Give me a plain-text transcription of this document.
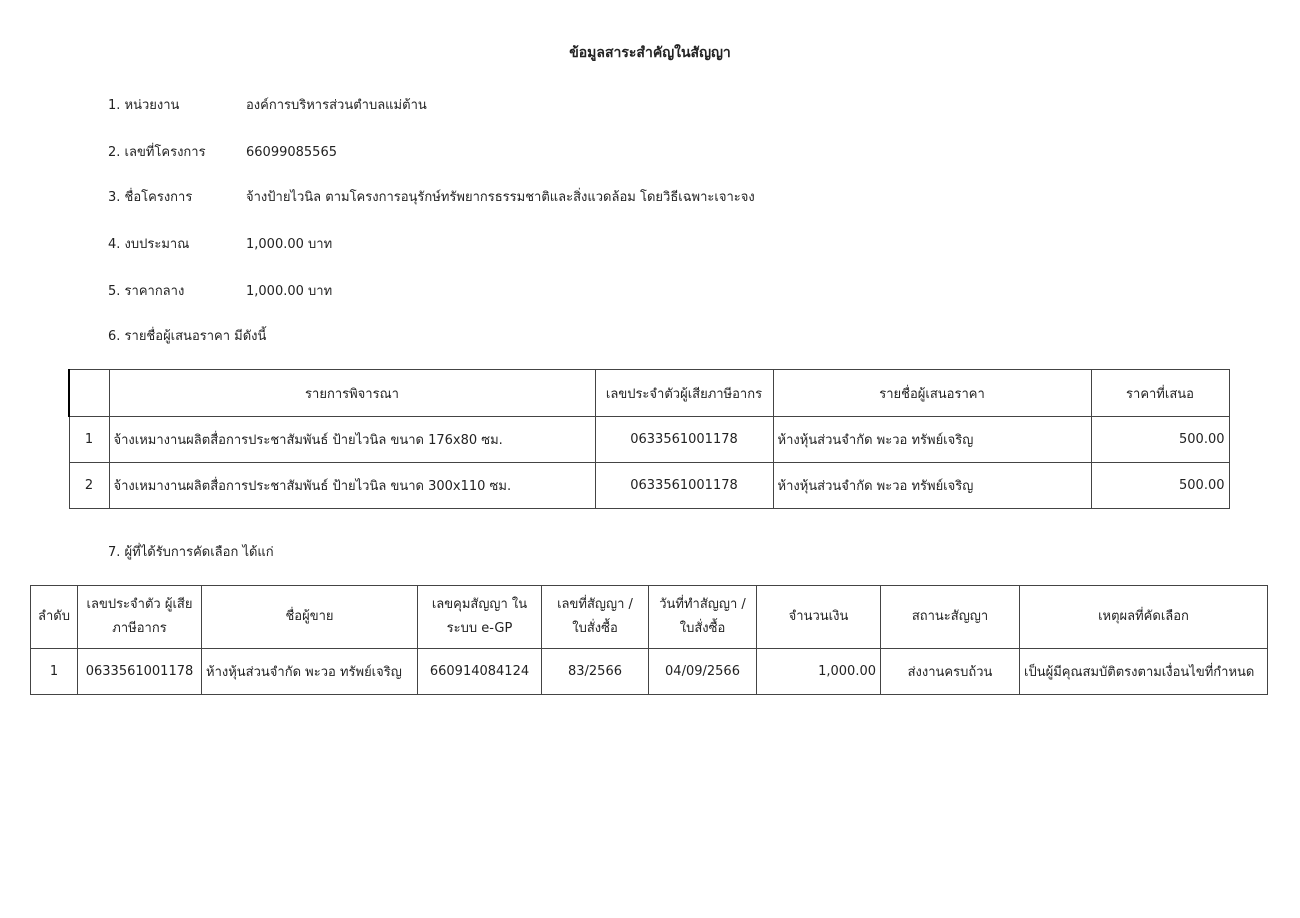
ข้อมูลสาระสำคัญในสัญญา
1. หน่วยงาน	องค์การบริหารส่วนตำบลแม่ต้าน
2. เลขที่โครงการ	66099085565
3. ชื่อโครงการ	จ้างป้ายไวนิล ตามโครงการอนุรักษ์ทรัพยากรธรรมชาติและสิ่งแวดล้อม โดยวิธีเฉพาะเจาะจง
4. งบประมาณ	1,000.00 บาท
5. ราคากลาง	1,000.00 บาท
6. รายชื่อผู้เสนอราคา มีดังนี้
	รายการพิจารณา	เลขประจำตัวผู้เสียภาษีอากร	รายชื่อผู้เสนอราคา	ราคาที่เสนอ
1	จ้างเหมางานผลิตสื่อการประชาสัมพันธ์ ป้ายไวนิล ขนาด 176x80 ซม.	0633561001178	ห้างหุ้นส่วนจำกัด พะวอ ทรัพย์เจริญ	500.00
2	จ้างเหมางานผลิตสื่อการประชาสัมพันธ์ ป้ายไวนิล ขนาด 300x110 ซม.	0633561001178	ห้างหุ้นส่วนจำกัด พะวอ ทรัพย์เจริญ	500.00
7. ผู้ที่ได้รับการคัดเลือก ได้แก่
ลำดับ	เลขประจำตัว ผู้เสียภาษีอากร	ชื่อผู้ขาย	เลขคุมสัญญา ในระบบ e-GP	เลขที่สัญญา / ใบสั่งซื้อ	วันที่ทำสัญญา / ใบสั่งซื้อ	จำนวนเงิน	สถานะสัญญา	เหตุผลที่คัดเลือก
1	0633561001178	ห้างหุ้นส่วนจำกัด พะวอ ทรัพย์เจริญ	660914084124	83/2566	04/09/2566	1,000.00	ส่งงานครบถ้วน	เป็นผู้มีคุณสมบัติตรงตามเงื่อนไขที่กำหนด
